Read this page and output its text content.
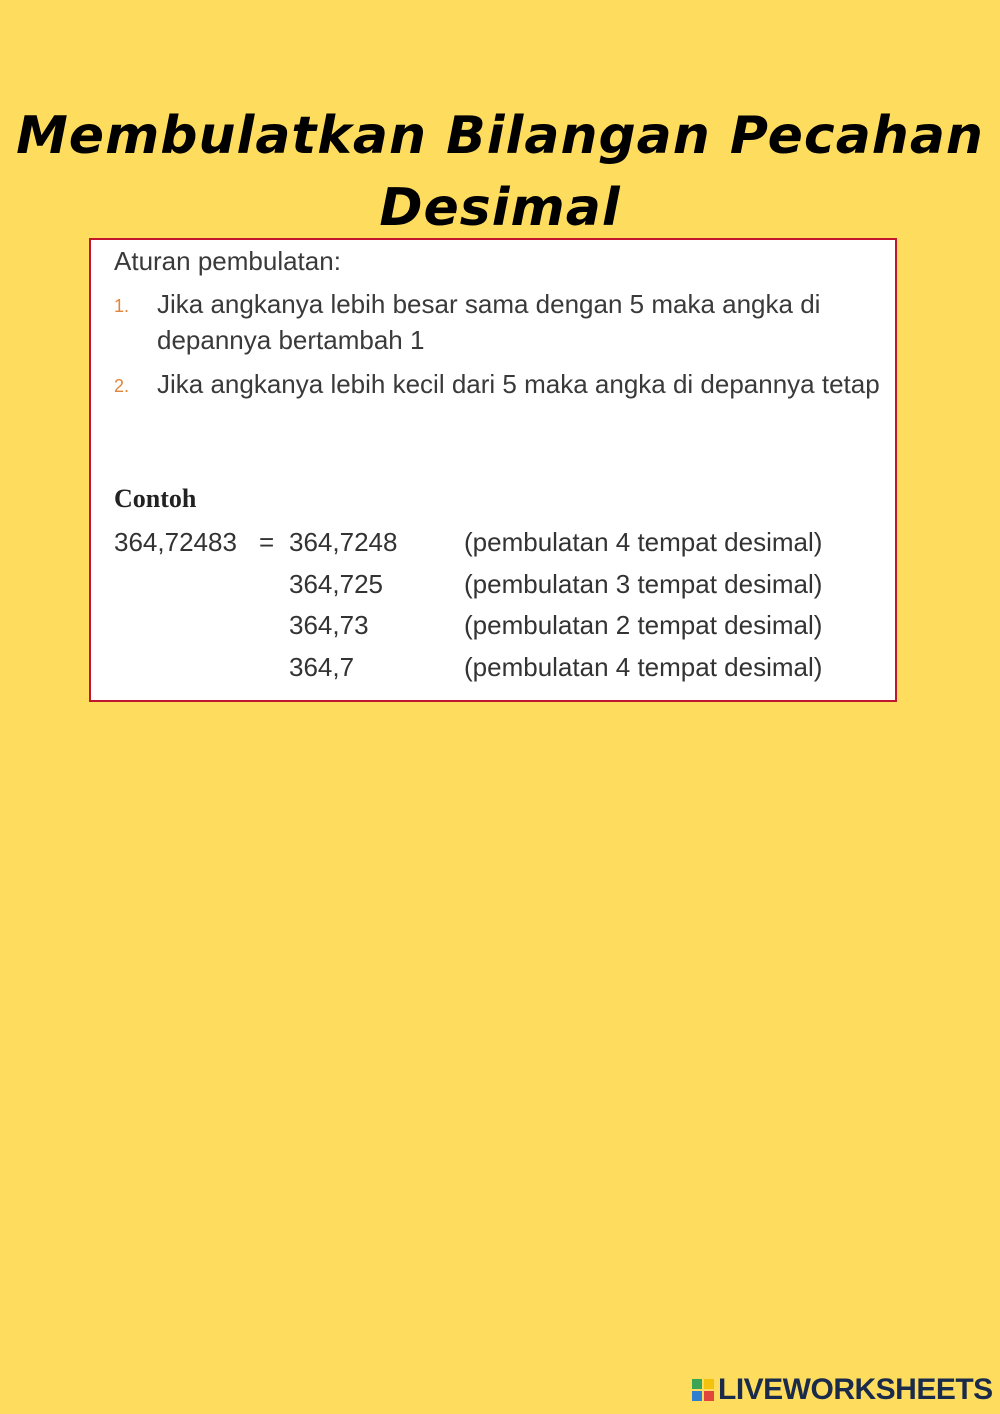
Membulatkan Bilangan Pecahan Desimal
Aturan pembulatan:
1. Jika angkanya lebih besar sama dengan 5 maka angka di depannya bertambah 1
2. Jika angkanya lebih kecil dari 5 maka angka di depannya tetap
Contoh
364,72483 = 364,7248	(pembulatan 4 tempat desimal)
364,725	(pembulatan 3 tempat desimal)
364,73	(pembulatan 2 tempat desimal)
364,7	(pembulatan 4 tempat desimal)
LIVEWORKSHEETS
